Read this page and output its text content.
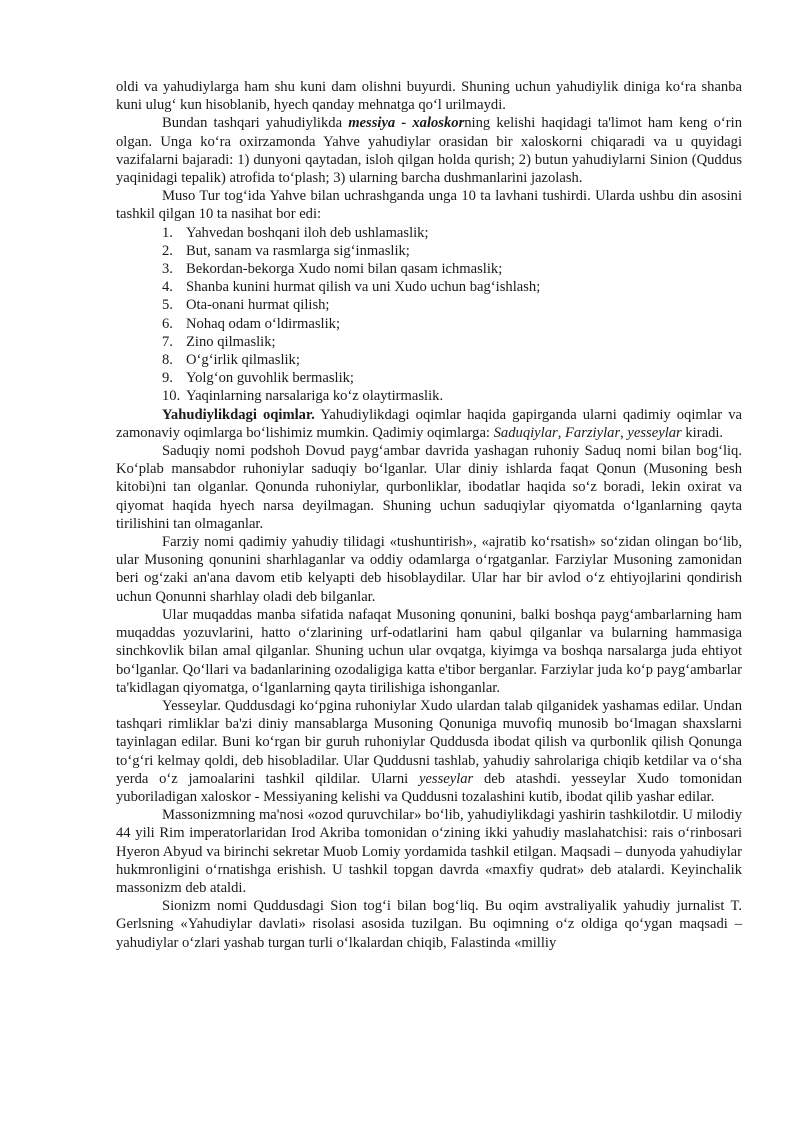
oldi va yahudiylarga ham shu kuni dam olishni buyurdi. Shuning uchun yahudiylik diniga ko‘ra shanba kuni ulug‘ kun hisoblanib, hyech qanday mehnatga qo‘l urilmaydi.

Bundan tashqari yahudiylikda messiya - xaloskorning kelishi haqidagi ta'limot ham keng o‘rin olgan. Unga ko‘ra oxirzamonda Yahve yahudiylar orasidan bir xaloskorni chiqaradi va u quyidagi vazifalarni bajaradi: 1) dunyoni qaytadan, isloh qilgan holda qurish; 2) butun yahudiylarni Sinion (Quddus yaqinidagi tepalik) atrofida to‘plash; 3) ularning barcha dushmanlarini jazolash.

Muso Tur tog‘ida Yahve bilan uchrashganda unga 10 ta lavhani tushirdi. Ularda ushbu din asosini tashkil qilgan 10 ta nasihat bor edi:

1. Yahvedan boshqani iloh deb ushlamaslik;
2. But, sanam va rasmlarga sig‘inmaslik;
3. Bekordan-bekorga Xudo nomi bilan qasam ichmaslik;
4. Shanba kunini hurmat qilish va uni Xudo uchun bag‘ishlash;
5. Ota-onani hurmat qilish;
6. Nohaq odam o‘ldirmaslik;
7. Zino qilmaslik;
8. O‘g‘irlik qilmaslik;
9. Yolg‘on guvohlik bermaslik;
10. Yaqinlarning narsalariga ko‘z olaytirmaslik.

Yahudiylikdagi oqimlar. Yahudiylikdagi oqimlar haqida gapirganda ularni qadimiy oqimlar va zamonaviy oqimlarga bo‘lishimiz mumkin. Qadimiy oqimlarga: Saduqiylar, Farziylar, yesseylar kiradi.

Saduqiy nomi podshoh Dovud payg‘ambar davrida yashagan ruhoniy Saduq nomi bilan bog‘liq. Ko‘plab mansabdor ruhoniylar saduqiy bo‘lganlar. Ular diniy ishlarda faqat Qonun (Musoning besh kitobi)ni tan olganlar. Qonunda ruhoniylar, qurbonliklar, ibodatlar haqida so‘z boradi, lekin oxirat va qiyomat haqida hyech narsa deyilmagan. Shuning uchun saduqiylar qiyomatda o‘lganlarning qayta tirilishini tan olmaganlar.

Farziy nomi qadimiy yahudiy tilidagi «tushuntirish», «ajratib ko‘rsatish» so‘zidan olingan bo‘lib, ular Musoning qonunini sharhlaganlar va oddiy odamlarga o‘rgatganlar. Farziylar Musoning zamonidan beri og‘zaki an'ana davom etib kelyapti deb hisoblaydilar. Ular har bir avlod o‘z ehtiyojlarini qondirish uchun Qonunni sharhlay oladi deb bilganlar.

Ular muqaddas manba sifatida nafaqat Musoning qonunini, balki boshqa payg‘ambarlarning ham muqaddas yozuvlarini, hatto o‘zlarining urf-odatlarini ham qabul qilganlar va bularning hammasiga sinchkovlik bilan amal qilganlar. Shuning uchun ular ovqatga, kiyimga va boshqa narsalarga juda ehtiyot bo‘lganlar. Qo‘llari va badanlarining ozodaligiga katta e'tibor berganlar. Farziylar juda ko‘p payg‘ambarlar ta'kidlagan qiyomatga, o‘lganlarning qayta tirilishiga ishonganlar.

Yesseylar. Quddusdagi ko‘pgina ruhoniylar Xudo ulardan talab qilganidek yashamas edilar. Undan tashqari rimliklar ba'zi diniy mansablarga Musoning Qonuniga muvofiq munosib bo‘lmagan shaxslarni tayinlagan edilar. Buni ko‘rgan bir guruh ruhoniylar Quddusda ibodat qilish va qurbonlik qilish Qonunga to‘g‘ri kelmay qoldi, deb hisobladilar. Ular Quddusni tashlab, yahudiy sahrolariga chiqib ketdilar va o‘sha yerda o‘z jamoalarini tashkil qildilar. Ularni yesseylar deb atashdi. yesseylar Xudo tomonidan yuboriladigan xaloskor - Messiyaning kelishi va Quddusni tozalashini kutib, ibodat qilib yashar edilar.

Massonizmning ma'nosi «ozod quruvchilar» bo‘lib, yahudiylikdagi yashirin tashkilotdir. U milodiy 44 yili Rim imperatorlaridan Irod Akriba tomonidan o‘zining ikki yahudiy maslahatchisi: rais o‘rinbosari Hyeron Abyud va birinchi sekretar Muob Lomiy yordamida tashkil etilgan. Maqsadi – dunyoda yahudiylar hukmronligini o‘rnatishga erishish. U tashkil topgan davrda «maxfiy qudrat» deb atalardi. Keyinchalik massonizm deb ataldi.

Sionizm nomi Quddusdagi Sion tog‘i bilan bog‘liq. Bu oqim avstraliyalik yahudiy jurnalist T. Gerlsning «Yahudiylar davlati» risolasi asosida tuzilgan. Bu oqimning o‘z oldiga qo‘ygan maqsadi – yahudiylar o‘zlari yashab turgan turli o‘lkalardan chiqib, Falastinda «milliy
